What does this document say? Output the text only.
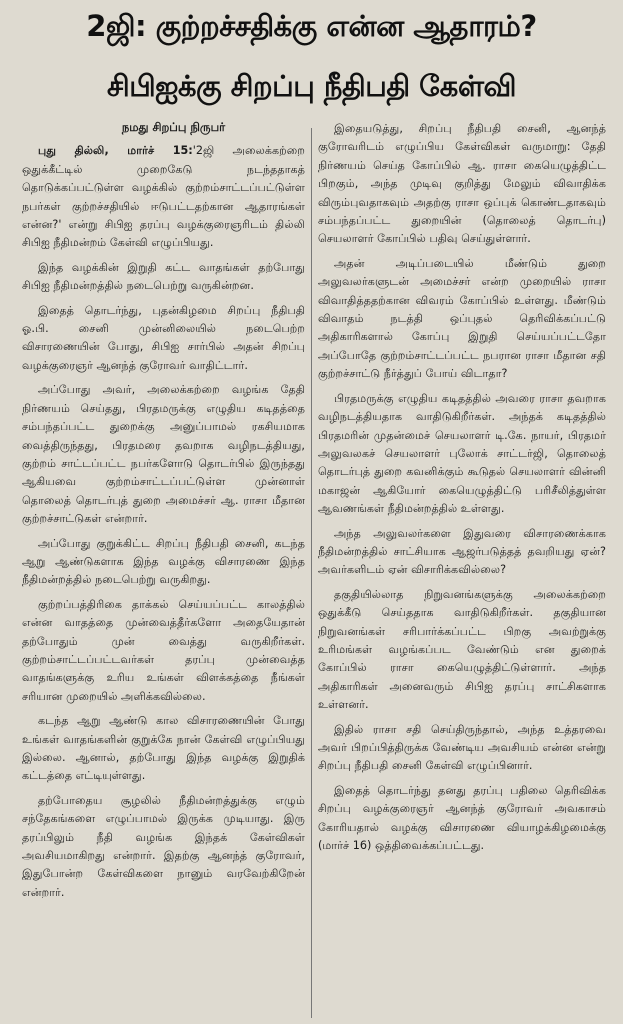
2ஜி: குற்றச்சதிக்கு என்ன ஆதாரம்?
சிபிஐக்கு சிறப்பு நீதிபதி கேள்வி
நமது சிறப்பு நிருபர்

புது தில்லி, மார்ச் 15:'2ஜி அலைக்கற்றை ஒதுக்கீட்டில் முறைகேடு நடந்ததாகத் தொடுக்கப்பட்டுள்ள வழக்கில் குற்றம்சாட்டப்பட்டுள்ள நபர்கள் குற்றச்சதியில் ஈடுபட்டதற்கான ஆதாரங்கள் என்ன?' என்று சிபிஐ தரப்பு வழக்குரைஞரிடம் தில்லி சிபிஐ நீதிமன்றம் கேள்வி எழுப்பியது.

இந்த வழக்கின் இறுதி கட்ட வாதங்கள் தற்போது சிபிஐ நீதிமன்றத்தில் நடைபெற்று வருகின்றன.

இதைத் தொடர்ந்து, புதன்கிழமை சிறப்பு நீதிபதி ஓ.பி. சைனி முன்னிலையில் நடைபெற்ற விசாரணையின் போது, சிபிஐ சார்பில் அதன் சிறப்பு வழக்குரைஞர் ஆனந்த் குரோவர் வாதிட்டார்.

அப்போது அவர், அலைக்கற்றை வழங்க தேதி நிர்ணயம் செய்தது, பிரதமருக்கு எழுதிய கடிதத்தை சம்பந்தப்பட்ட துறைக்கு அனுப்பாமல் ரகசியமாக வைத்திருந்தது, பிரதமரை தவறாக வழிநடத்தியது, குற்றம் சாட்டப்பட்ட நபர்களோடு தொடர்பில் இருந்தது ஆகியவை குற்றம்சாட்டப்பட்டுள்ள முன்னாள் தொலைத் தொடர்புத் துறை அமைச்சர் ஆ. ராசா மீதான குற்றச்சாட்டுகள் என்றார்.

அப்போது குறுக்கிட்ட சிறப்பு நீதிபதி சைனி, கடந்த ஆறு ஆண்டுகளாக இந்த வழக்கு விசாரணை இந்த நீதிமன்றத்தில் நடைபெற்று வருகிறது.

குற்றப்பத்திரிகை தாக்கல் செய்யப்பட்ட காலத்தில் என்ன வாதத்தை முன்வைத்தீர்களோ அதையேதான் தற்போதும் முன் வைத்து வருகிறீர்கள். குற்றம்சாட்டப்பட்டவர்கள் தரப்பு முன்வைத்த வாதங்களுக்கு உரிய உங்கள் விளக்கத்தை நீங்கள் சரியான முறையில் அளிக்கவில்லை.

கடந்த ஆறு ஆண்டு கால விசாரணையின் போது உங்கள் வாதங்களின் குறுக்கே நான் கேள்வி எழுப்பியது இல்லை. ஆனால், தற்போது இந்த வழக்கு இறுதிக் கட்டத்தை எட்டியுள்ளது.

தற்போதைய சூழலில் நீதிமன்றத்துக்கு எழும் சந்தேகங்களை எழுப்பாமல் இருக்க முடியாது. இரு தரப்பிலும் நீதி வழங்க இந்தக் கேள்விகள் அவசியமாகிறது என்றார். இதற்கு ஆனந்த் குரோவர், இதுபோன்ற கேள்விகளை நானும் வரவேற்கிறேன் என்றார்.

இதையடுத்து, சிறப்பு நீதிபதி சைனி, ஆனந்த் குரோவரிடம் எழுப்பிய கேள்விகள் வருமாறு: தேதி நிர்ணயம் செய்த கோப்பில் ஆ. ராசா கையெழுத்திட்ட பிறகும், அந்த முடிவு குறித்து மேலும் விவாதிக்க விரும்புவதாகவும் அதற்கு ராசா ஒப்புக் கொண்டதாகவும் சம்பந்தப்பட்ட துறையின் (தொலைத் தொடர்பு) செயலாளர் கோப்பில் பதிவு செய்துள்ளார்.

அதன் அடிப்படையில் மீண்டும் துறை அலுவலர்களுடன் அமைச்சர் என்ற முறையில் ராசா விவாதித்ததற்கான விவரம் கோப்பில் உள்ளது. மீண்டும் விவாதம் நடத்தி ஒப்புதல் தெரிவிக்கப்பட்டு அதிகாரிகளால் கோப்பு இறுதி செய்யப்பட்டதோ அப்போதே குற்றம்சாட்டப்பட்ட நபரான ராசா மீதான சதி குற்றச்சாட்டு நீர்த்துப் போய் விடாதா?

பிரதமருக்கு எழுதிய கடிதத்தில் அவரை ராசா தவறாக வழிநடத்தியதாக வாதிடுகிறீர்கள். அந்தக் கடிதத்தில் பிரதமரின் முதன்மைச் செயலாளர் டி.கே. நாயர், பிரதமர் அலுவலகச் செயலாளர் புலோக் சாட்டர்ஜி, தொலைத் தொடர்புத் துறை கவனிக்கும் கூடுதல் செயலாளர் வின்னி மகாஜன் ஆகியோர் கையெழுத்திட்டு பரிசீலித்துள்ள ஆவணங்கள் நீதிமன்றத்தில் உள்ளது.

அந்த அலுவலர்களை இதுவரை விசாரணைக்காக நீதிமன்றத்தில் சாட்சியாக ஆஜர்படுத்தத் தவறியது ஏன்? அவர்களிடம் ஏன் விசாரிக்கவில்லை?

தகுதியில்லாத நிறுவனங்களுக்கு அலைக்கற்றை ஒதுக்கீடு செய்ததாக வாதிடுகிறீர்கள். தகுதியான நிறுவனங்கள் சரிபார்க்கப்பட்ட பிறகு அவற்றுக்கு உரிமங்கள் வழங்கப்பட வேண்டும் என துறைக் கோப்பில் ராசா கையெழுத்திட்டுள்ளார். அந்த அதிகாரிகள் அனைவரும் சிபிஐ தரப்பு சாட்சிகளாக உள்ளனர்.

இதில் ராசா சதி செய்திருந்தால், அந்த உத்தரவை அவர் பிறப்பித்திருக்க வேண்டிய அவசியம் என்ன என்று சிறப்பு நீதிபதி சைனி கேள்வி எழுப்பினார்.

இதைத் தொடர்ந்து தனது தரப்பு பதிலை தெரிவிக்க சிறப்பு வழக்குரைஞர் ஆனந்த் குரோவர் அவகாசம் கோரியதால் வழக்கு விசாரணை வியாழக்கிழமைக்கு (மார்ச் 16) ஒத்திவைக்கப்பட்டது.
